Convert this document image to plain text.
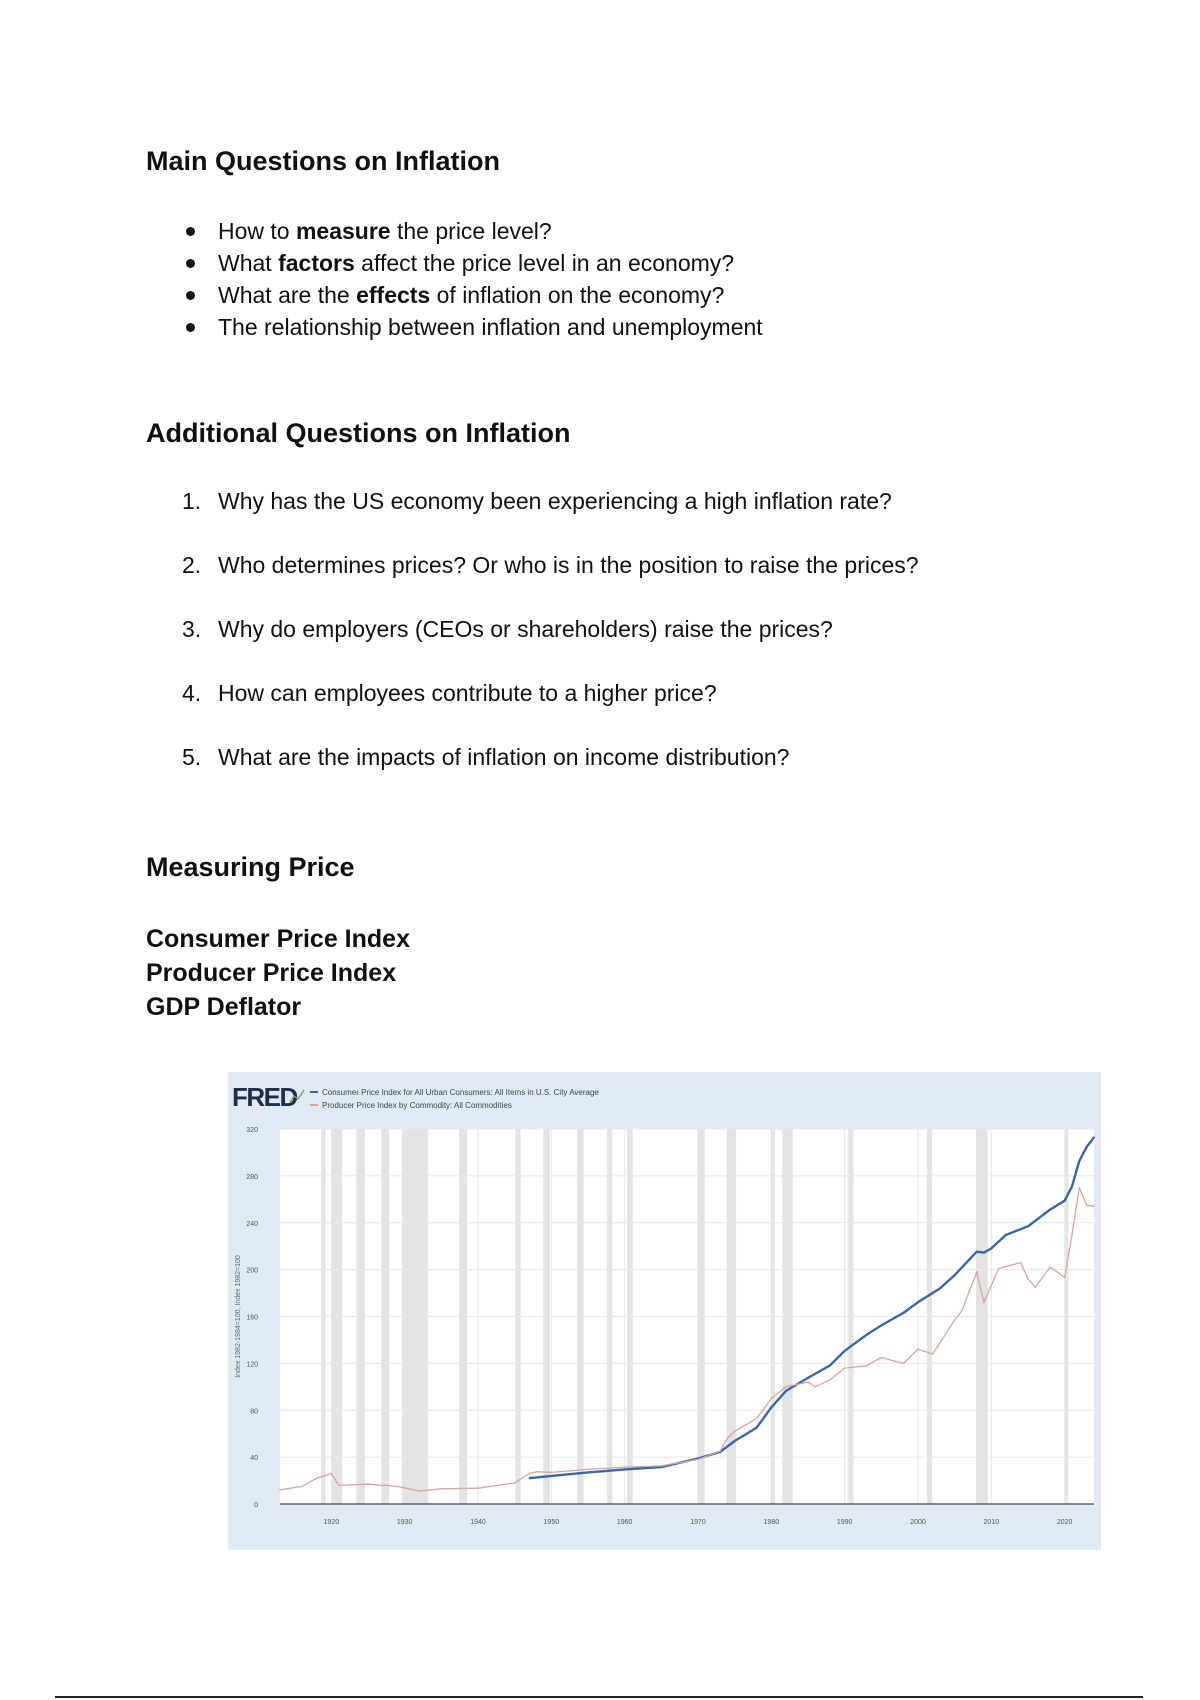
Main Questions on Inflation
How to measure the price level?
What factors affect the price level in an economy?
What are the effects of inflation on the economy?
The relationship between inflation and unemployment
Additional Questions on Inflation
1. Why has the US economy been experiencing a high inflation rate?
2. Who determines prices? Or who is in the position to raise the prices?
3. Why do employers (CEOs or shareholders) raise the prices?
4. How can employees contribute to a higher price?
5. What are the impacts of inflation on income distribution?
Measuring Price
Consumer Price Index
Producer Price Index
GDP Deflator
0
40
80
120
160
200
240
280
320
1920	1930	1940	1950	1960	1970	1980	1990	2000	2010	2020
Index 1982-1984=100, Index 1982=100
FRED	Consumer Price Index for All Urban Consumers: All Items in U.S. City Average
Producer Price Index by Commodity: All Commodities
